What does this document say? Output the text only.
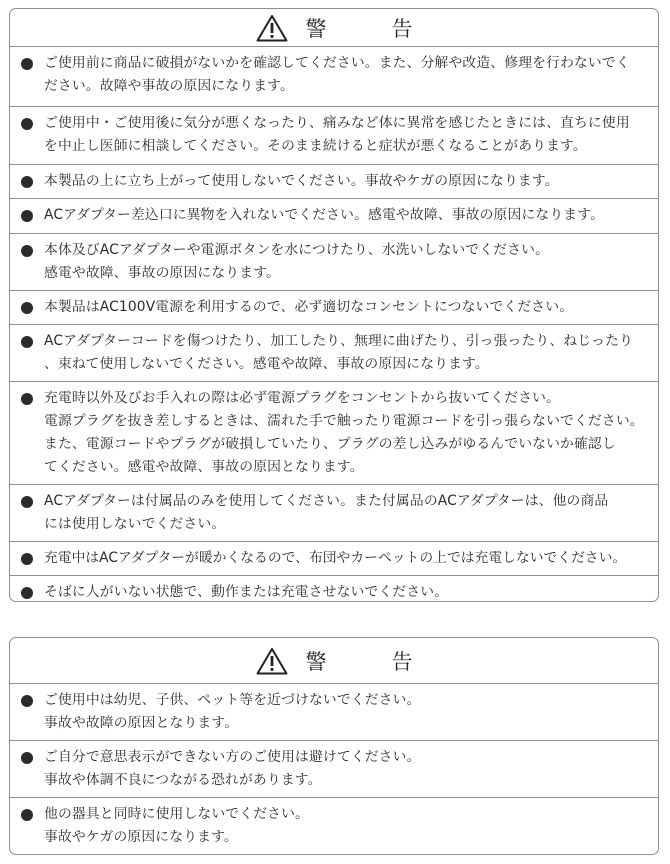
警　告
ご使用前に商品に破損がないかを確認してください。また、分解や改造、修理を行わないでく
ださい。故障や事故の原因になります。
ご使用中・ご使用後に気分が悪くなったり、痛みなど体に異常を感じたときには、直ちに使用
を中止し医師に相談してください。そのまま続けると症状が悪くなることがあります。
本製品の上に立ち上がって使用しないでください。事故やケガの原因になります。
ACアダプター差込口に異物を入れないでください。感電や故障、事故の原因になります。
本体及びACアダプターや電源ボタンを水につけたり、水洗いしないでください。
感電や故障、事故の原因になります。
本製品はAC100V電源を利用するので、必ず適切なコンセントにつないでください。
ACアダプターコードを傷つけたり、加工したり、無理に曲げたり、引っ張ったり、ねじったり
、束ねて使用しないでください。感電や故障、事故の原因になります。
充電時以外及びお手入れの際は必ず電源プラグをコンセントから抜いてください。
電源プラグを抜き差しするときは、濡れた手で触ったり電源コードを引っ張らないでください。
また、電源コードやプラグが破損していたり、プラグの差し込みがゆるんでいないか確認し
てください。感電や故障、事故の原因となります。
ACアダプターは付属品のみを使用してください。また付属品のACアダプターは、他の商品
には使用しないでください。
充電中はACアダプターが暖かくなるので、布団やカーペットの上では充電しないでください。
そばに人がいない状態で、動作または充電させないでください。
警　告
ご使用中は幼児、子供、ペット等を近づけないでください。
事故や故障の原因となります。
ご自分で意思表示ができない方のご使用は避けてください。
事故や体調不良につながる恐れがあります。
他の器具と同時に使用しないでください。
事故やケガの原因になります。
